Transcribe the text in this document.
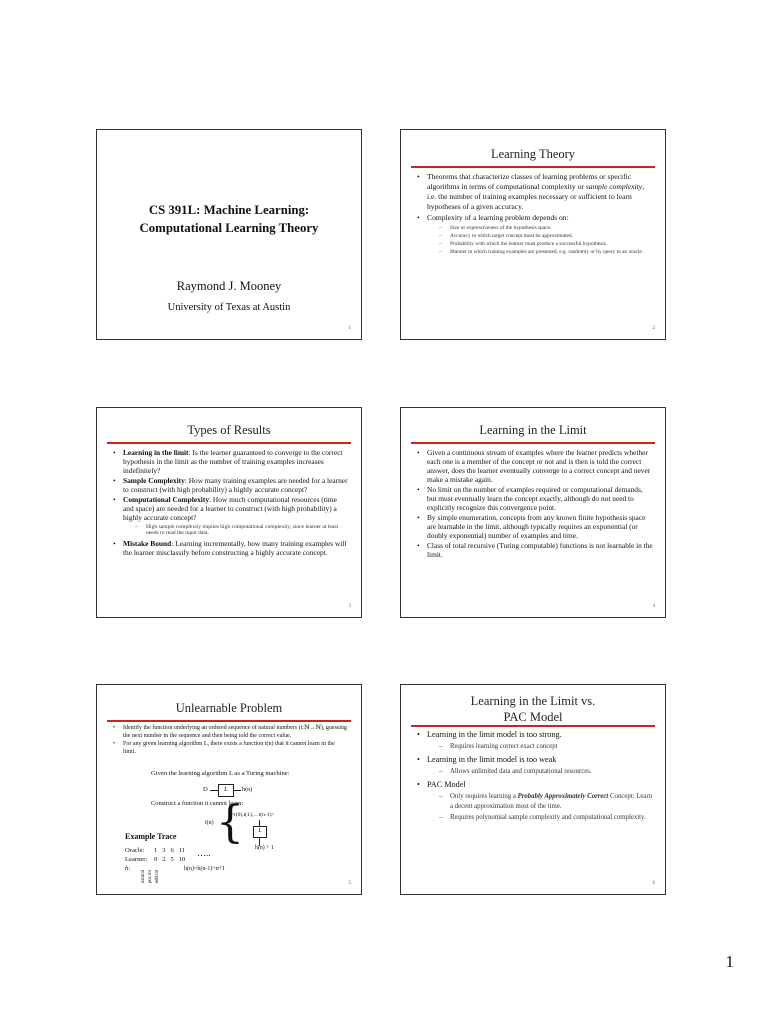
CS 391L: Machine Learning:
Computational Learning Theory
Raymond J. Mooney
University of Texas at Austin
1
Learning Theory
• Theorems that characterize classes of learning problems or specific algorithms in terms of computational complexity or sample complexity, i.e. the number of training examples necessary or sufficient to learn hypotheses of a given accuracy.
• Complexity of a learning problem depends on:
– Size or expressiveness of the hypothesis space.
– Accuracy to which target concept must be approximated.
– Probability with which the learner must produce a successful hypothesis.
– Manner in which training examples are presented, e.g. randomly or by query to an oracle.
2
Types of Results
• Learning in the limit: Is the learner guaranteed to converge to the correct hypothesis in the limit as the number of training examples increases indefinitely?
• Sample Complexity: How many training examples are needed for a learner to construct (with high probability) a highly accurate concept?
• Computational Complexity: How much computational resources (time and space) are needed for a learner to construct (with high probability) a highly accurate concept?
– High sample complexity implies high computational complexity, since learner at least needs to read the input data.
• Mistake Bound: Learning incrementally, how many training examples will the learner misclassify before constructing a highly accurate concept.
3
Learning in the Limit
• Given a continuous stream of examples where the learner predicts whether each one is a member of the concept or not and is then is told the correct answer, does the learner eventually converge to a correct concept and never make a mistake again.
• No limit on the number of examples required or computational demands, but must eventually learn the concept exactly, although do not need to explicitly recognize this convergence point.
• By simple enumeration, concepts from any known finite hypothesis space are learnable in the limit, although typically requires an exponential (or doubly exponential) number of examples and time.
• Class of total recursive (Turing computable) functions is not learnable in the limit.
4
Unlearnable Problem
• Identify the function underlying an ordered sequence of natural numbers (t:ℕ→ℕ), guessing the next number in the sequence and then being told the correct value.
• For any given learning algorithm L, there exists a function t(n) that it cannot learn in the limit.
Given the learning algorithm L as a Turing machine:
D	L	h(n)
Construct a function it cannot learn:
t(n) {
<t(0),t(1),…t(n-1)>
L
h(n) + 1
Example Trace
Oracle: 1   3   6   11
Learner: 0   2   5   10
h:
…..
h(n)=h(n-1)+n+1
natural pos int odd int
5
Learning in the Limit vs.
PAC Model
• Learning in the limit model is too strong.
– Requires learning correct exact concept
• Learning in the limit model is too weak
– Allows unlimited data and computational resources.
• PAC Model
– Only requires learning a Probably Approximately Correct Concept: Learn a decent approximation most of the time.
– Requires polynomial sample complexity and computational complexity.
6
1
